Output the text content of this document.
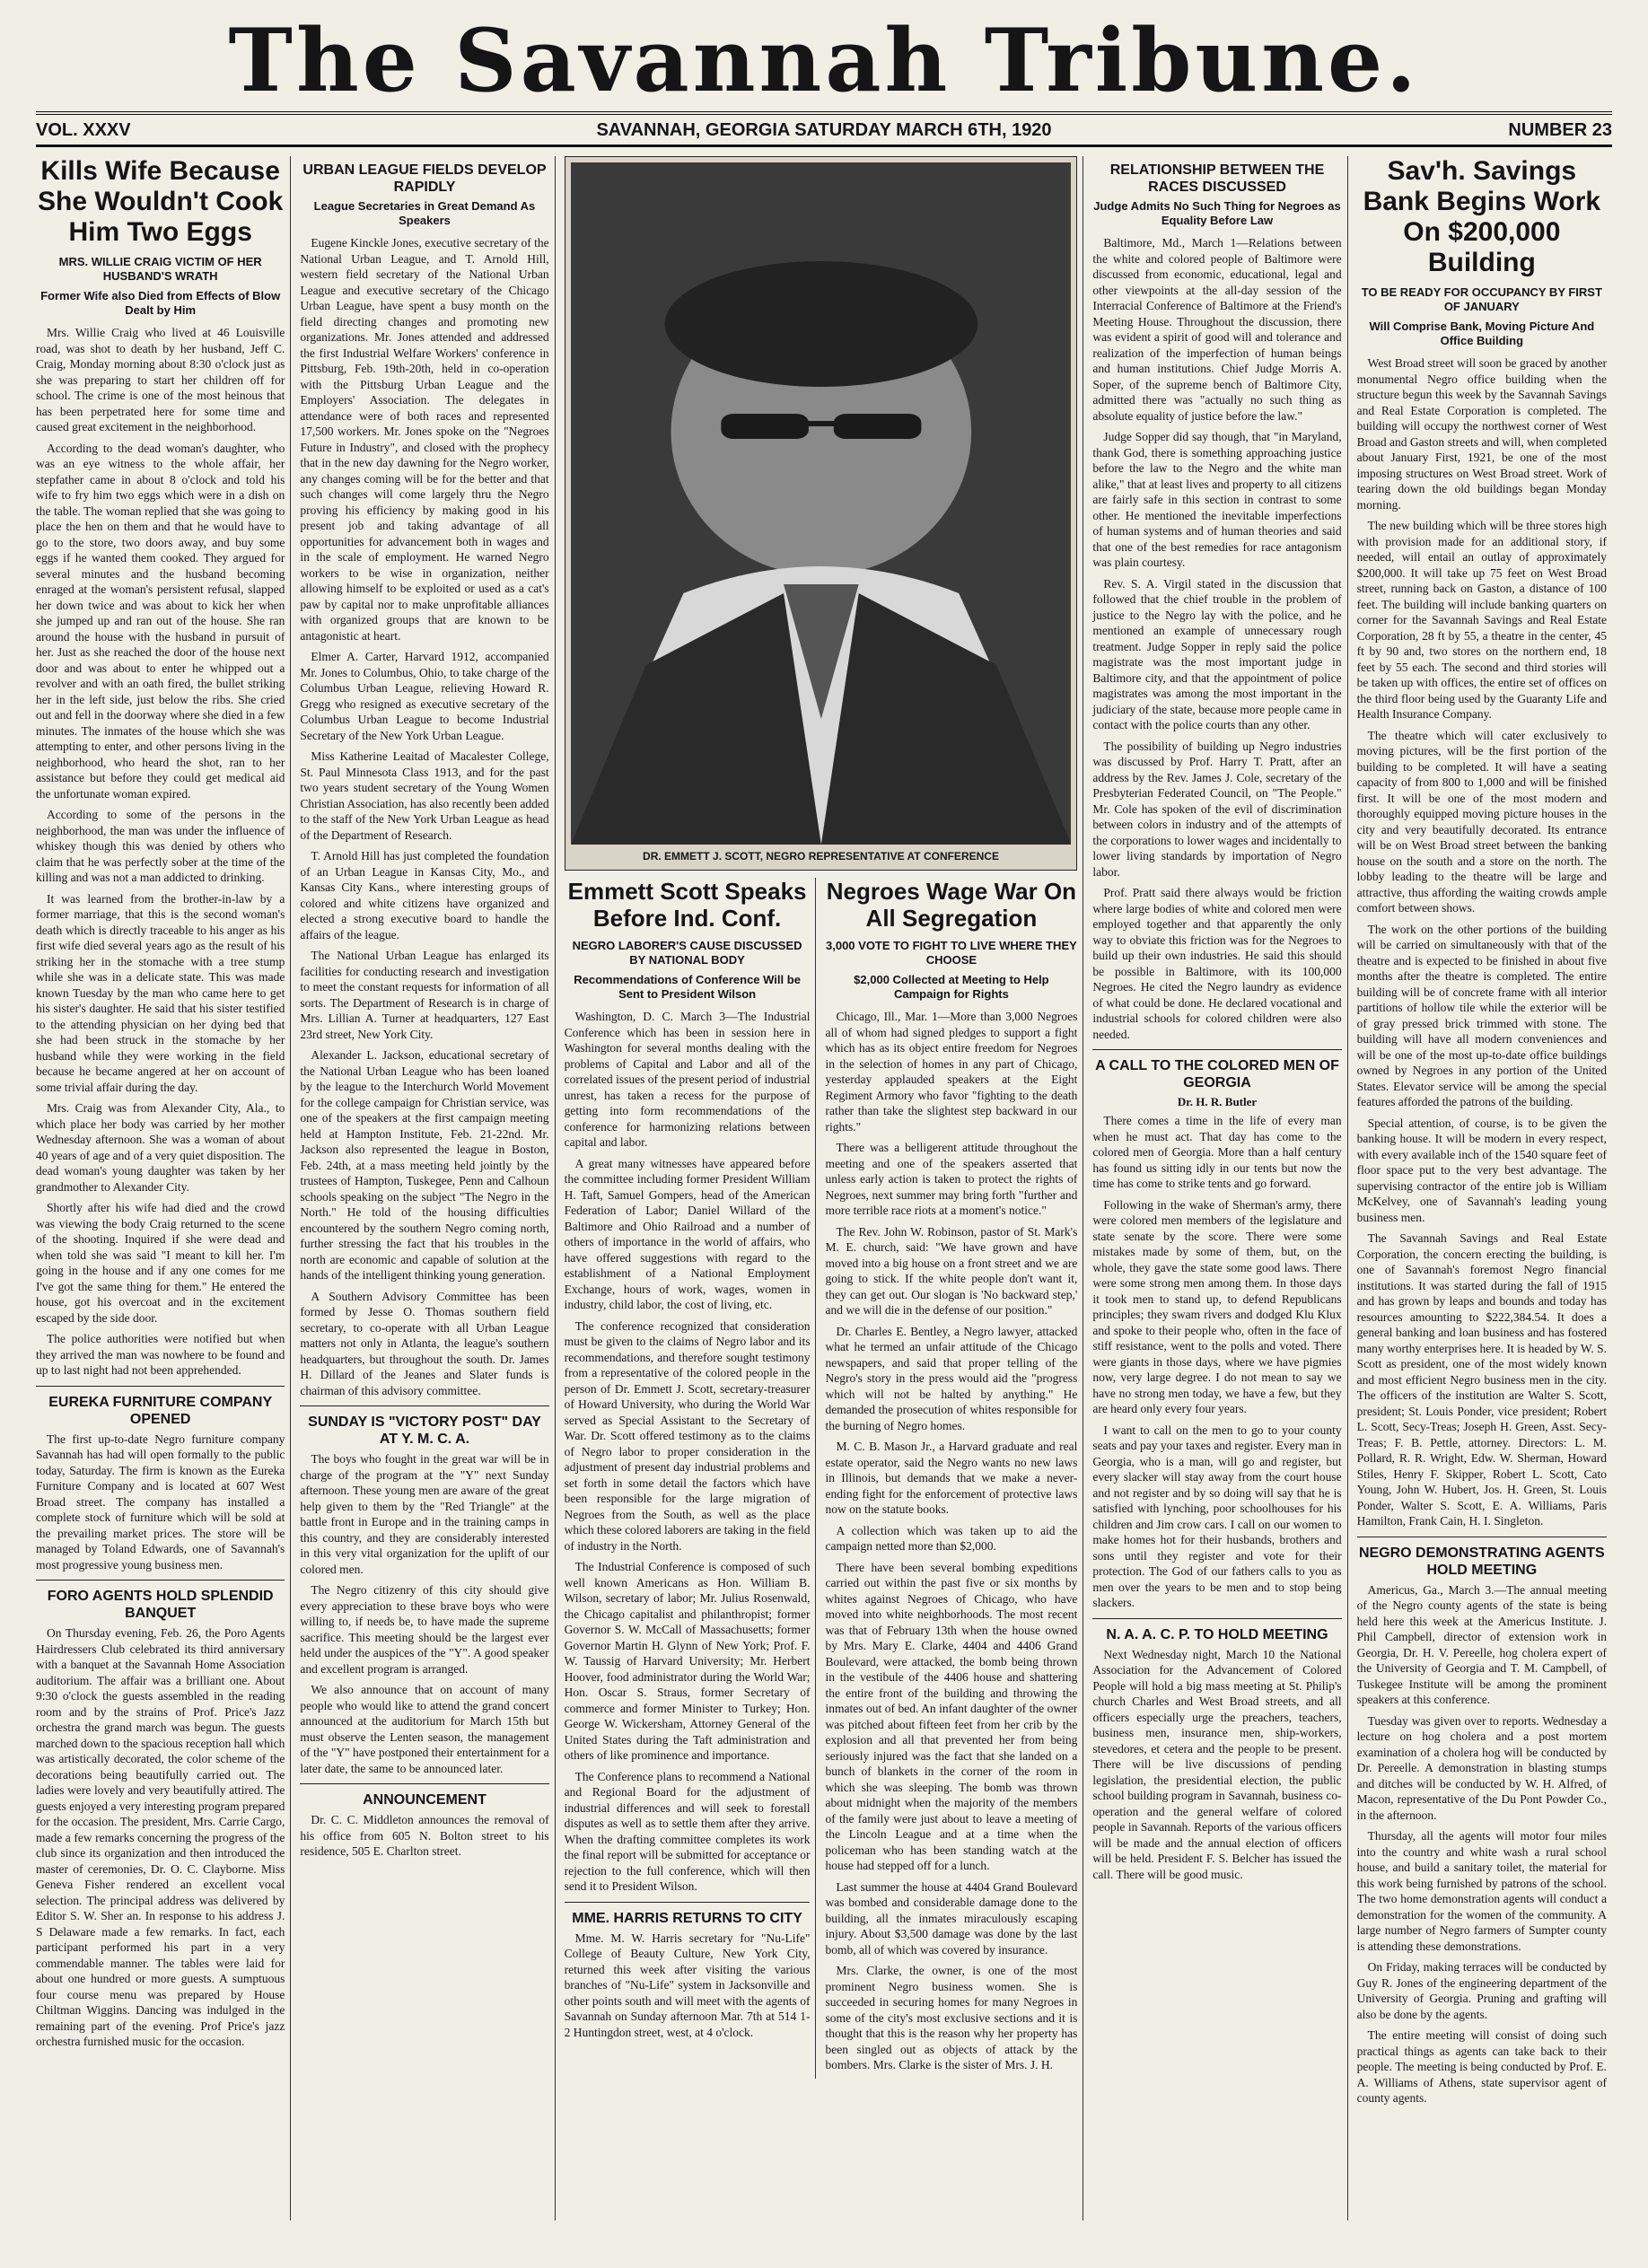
The Savannah Tribune.
VOL. XXXV	SAVANNAH, GEORGIA SATURDAY MARCH 6TH, 1920	NUMBER 23
Kills Wife Because She Wouldn't Cook Him Two Eggs
MRS. WILLIE CRAIG VICTIM OF HER HUSBAND'S WRATH
Former Wife also Died from Effects of Blow Dealt by Him

Mrs. Willie Craig who lived at 46 Louisville road, was shot to death by her husband, Jeff C. Craig, Monday morning about 8:30 o'clock just as she was preparing to start her children off for school. The crime is one of the most heinous that has been perpetrated here for some time and caused great excitement in the neighborhood.

According to the dead woman's daughter, who was an eye witness to the whole affair, her stepfather came in about 8 o'clock and told his wife to fry him two eggs which were in a dish on the table. The woman replied that she was going to place the hen on them and that he would have to go to the store, two doors away, and buy some eggs if he wanted them cooked. They argued for several minutes and the husband becoming enraged at the woman's persistent refusal, slapped her down twice and was about to kick her when she jumped up and ran out of the house. She ran around the house with the husband in pursuit of her. Just as she reached the door of the house next door and was about to enter he whipped out a revolver and with an oath fired, the bullet striking her in the left side, just below the ribs. She cried out and fell in the doorway where she died in a few minutes. The inmates of the house which she was attempting to enter, and other persons living in the neighborhood, who heard the shot, ran to her assistance but before they could get medical aid the unfortunate woman expired.

According to some of the persons in the neighborhood, the man was under the influence of whiskey though this was denied by others who claim that he was perfectly sober at the time of the killing and was not a man addicted to drinking.

It was learned from the brother-in-law by a former marriage, that this is the second woman's death which is directly traceable to his anger as his first wife died several years ago as the result of his striking her in the stomache with a tree stump while she was in a delicate state. This was made known Tuesday by the man who came here to get his sister's daughter. He said that his sister testified to the attending physician on her dying bed that she had been struck in the stomache by her husband while they were working in the field because he became angered at her on account of some trivial affair during the day.

Mrs. Craig was from Alexander City, Ala., to which place her body was carried by her mother Wednesday afternoon. She was a woman of about 40 years of age and of a very quiet disposition. The dead woman's young daughter was taken by her grandmother to Alexander City.

Shortly after his wife had died and the crowd was viewing the body Craig returned to the scene of the shooting. Inquired if she were dead and when told she was said "I meant to kill her. I'm going in the house and if any one comes for me I've got the same thing for them." He entered the house, got his overcoat and in the excitement escaped by the side door.

The police authorities were notified but when they arrived the man was nowhere to be found and up to last night had not been apprehended.

EUREKA FURNITURE COMPANY OPENED

The first up-to-date Negro furniture company Savannah has had will open formally to the public today, Saturday. The firm is known as the Eureka Furniture Company and is located at 607 West Broad street. The company has installed a complete stock of furniture which will be sold at the prevailing market prices. The store will be managed by Toland Edwards, one of Savannah's most progressive young business men.

FORO AGENTS HOLD SPLENDID BANQUET

On Thursday evening, Feb. 26, the Poro Agents Hairdressers Club celebrated its third anniversary with a banquet at the Savannah Home Association auditorium. The affair was a brilliant one. About 9:30 o'clock the guests assembled in the reading room and by the strains of Prof. Price's Jazz orchestra the grand march was begun. The guests marched down to the spacious reception hall which was artistically decorated, the color scheme of the decorations being beautifully carried out. The ladies were lovely and very beautifully attired. The guests enjoyed a very interesting program prepared for the occasion. The president, Mrs. Carrie Cargo, made a few remarks concerning the progress of the club since its organization and then introduced the master of ceremonies, Dr. O. C. Clayborne. Miss Geneva Fisher rendered an excellent vocal selection. The principal address was delivered by Editor S. W. Sher an. In response to his address J. S Delaware made a few remarks. In fact, each participant performed his part in a very commendable manner. The tables were laid for about one hundred or more guests. A sumptuous four course menu was prepared by House Chiltman Wiggins. Dancing was indulged in the remaining part of the evening. Prof Price's jazz orchestra furnished music for the occasion.

URBAN LEAGUE FIELDS DEVELOP RAPIDLY
League Secretaries in Great Demand As Speakers

Eugene Kinckle Jones, executive secretary of the National Urban League, and T. Arnold Hill, western field secretary of the National Urban League and executive secretary of the Chicago Urban League, have spent a busy month on the field directing changes and promoting new organizations. Mr. Jones attended and addressed the first Industrial Welfare Workers' conference in Pittsburg, Feb. 19th-20th, held in co-operation with the Pittsburg Urban League and the Employers' Association. The delegates in attendance were of both races and represented 17,500 workers. Mr. Jones spoke on the "Negroes Future in Industry", and closed with the prophecy that in the new day dawning for the Negro worker, any changes coming will be for the better and that such changes will come largely thru the Negro proving his efficiency by making good in his present job and taking advantage of all opportunities for advancement both in wages and in the scale of employment. He warned Negro workers to be wise in organization, neither allowing himself to be exploited or used as a cat's paw by capital nor to make unprofitable alliances with organized groups that are known to be antagonistic at heart.

Elmer A. Carter, Harvard 1912, accompanied Mr. Jones to Columbus, Ohio, to take charge of the Columbus Urban League, relieving Howard R. Gregg who resigned as executive secretary of the Columbus Urban League to become Industrial Secretary of the New York Urban League.

Miss Katherine Leaitad of Macalester College, St. Paul Minnesota Class 1913, and for the past two years student secretary of the Young Women Christian Association, has also recently been added to the staff of the New York Urban League as head of the Department of Research.

T. Arnold Hill has just completed the foundation of an Urban League in Kansas City, Mo., and Kansas City Kans., where interesting groups of colored and white citizens have organized and elected a strong executive board to handle the affairs of the league.

The National Urban League has enlarged its facilities for conducting research and investigation to meet the constant requests for information of all sorts. The Department of Research is in charge of Mrs. Lillian A. Turner at headquarters, 127 East 23rd street, New York City.

Alexander L. Jackson, educational secretary of the National Urban League who has been loaned by the league to the Interchurch World Movement for the college campaign for Christian service, was one of the speakers at the first campaign meeting held at Hampton Institute, Feb. 21-22nd. Mr. Jackson also represented the league in Boston, Feb. 24th, at a mass meeting held jointly by the trustees of Hampton, Tuskegee, Penn and Calhoun schools speaking on the subject "The Negro in the North." He told of the housing difficulties encountered by the southern Negro coming north, further stressing the fact that his troubles in the north are economic and capable of solution at the hands of the intelligent thinking young generation.

A Southern Advisory Committee has been formed by Jesse O. Thomas southern field secretary, to co-operate with all Urban League matters not only in Atlanta, the league's southern headquarters, but throughout the south. Dr. James H. Dillard of the Jeanes and Slater funds is chairman of this advisory committee.

SUNDAY IS "VICTORY POST" DAY AT Y. M. C. A.

The boys who fought in the great war will be in charge of the program at the "Y" next Sunday afternoon. These young men are aware of the great help given to them by the "Red Triangle" at the battle front in Europe and in the training camps in this country, and they are considerably interested in this very vital organization for the uplift of our colored men.

The Negro citizenry of this city should give every appreciation to these brave boys who were willing to, if needs be, to have made the supreme sacrifice. This meeting should be the largest ever held under the auspices of the "Y". A good speaker and excellent program is arranged.

We also announce that on account of many people who would like to attend the grand concert announced at the auditorium for March 15th but must observe the Lenten season, the management of the "Y" have postponed their entertainment for a later date, the same to be announced later.

ANNOUNCEMENT

Dr. C. C. Middleton announces the removal of his office from 605 N. Bolton street to his residence, 505 E. Charlton street.

DR. EMMETT J. SCOTT, NEGRO REPRESENTATIVE AT CONFERENCE
Emmett Scott Speaks Before Ind. Conf.
NEGRO LABORER'S CAUSE DISCUSSED BY NATIONAL BODY
Recommendations of Conference Will be Sent to President Wilson

Washington, D. C. March 3—The Industrial Conference which has been in session here in Washington for several months dealing with the problems of Capital and Labor and all of the correlated issues of the present period of industrial unrest, has taken a recess for the purpose of getting into form recommendations of the conference for harmonizing relations between capital and labor.

A great many witnesses have appeared before the committee including former President William H. Taft, Samuel Gompers, head of the American Federation of Labor; Daniel Willard of the Baltimore and Ohio Railroad and a number of others of importance in the world of affairs, who have offered suggestions with regard to the establishment of a National Employment Exchange, hours of work, wages, women in industry, child labor, the cost of living, etc.

The conference recognized that consideration must be given to the claims of Negro labor and its recommendations, and therefore sought testimony from a representative of the colored people in the person of Dr. Emmett J. Scott, secretary-treasurer of Howard University, who during the World War served as Special Assistant to the Secretary of War. Dr. Scott offered testimony as to the claims of Negro labor to proper consideration in the adjustment of present day industrial problems and set forth in some detail the factors which have been responsible for the large migration of Negroes from the South, as well as the place which these colored laborers are taking in the field of industry in the North.

The Industrial Conference is composed of such well known Americans as Hon. William B. Wilson, secretary of labor; Mr. Julius Rosenwald, the Chicago capitalist and philanthropist; former Governor S. W. McCall of Massachusetts; former Governor Martin H. Glynn of New York; Prof. F. W. Taussig of Harvard University; Mr. Herbert Hoover, food administrator during the World War; Hon. Oscar S. Straus, former Secretary of commerce and former Minister to Turkey; Hon. George W. Wickersham, Attorney General of the United States during the Taft administration and others of like prominence and importance.

The Conference plans to recommend a National and Regional Board for the adjustment of industrial differences and will seek to forestall disputes as well as to settle them after they arrive. When the drafting committee completes its work the final report will be submitted for acceptance or rejection to the full conference, which will then send it to President Wilson.

MME. HARRIS RETURNS TO CITY

Mme. M. W. Harris secretary for "Nu-Life" College of Beauty Culture, New York City, returned this week after visiting the various branches of "Nu-Life" system in Jacksonville and other points south and will meet with the agents of Savannah on Sunday afternoon Mar. 7th at 514 1-2 Huntingdon street, west, at 4 o'clock.

Negroes Wage War On All Segregation
3,000 VOTE TO FIGHT TO LIVE WHERE THEY CHOOSE
$2,000 Collected at Meeting to Help Campaign for Rights

Chicago, Ill., Mar. 1—More than 3,000 Negroes all of whom had signed pledges to support a fight which has as its object entire freedom for Negroes in the selection of homes in any part of Chicago, yesterday applauded speakers at the Eight Regiment Armory who favor "fighting to the death rather than take the slightest step backward in our rights."

There was a belligerent attitude throughout the meeting and one of the speakers asserted that unless early action is taken to protect the rights of Negroes, next summer may bring forth "further and more terrible race riots at a moment's notice."

The Rev. John W. Robinson, pastor of St. Mark's M. E. church, said: "We have grown and have moved into a big house on a front street and we are going to stick. If the white people don't want it, they can get out. Our slogan is 'No backward step,' and we will die in the defense of our position."

Dr. Charles E. Bentley, a Negro lawyer, attacked what he termed an unfair attitude of the Chicago newspapers, and said that proper telling of the Negro's story in the press would aid the "progress which will not be halted by anything." He demanded the prosecution of whites responsible for the burning of Negro homes.

M. C. B. Mason Jr., a Harvard graduate and real estate operator, said the Negro wants no new laws in Illinois, but demands that we make a never-ending fight for the enforcement of protective laws now on the statute books.

A collection which was taken up to aid the campaign netted more than $2,000.

There have been several bombing expeditions carried out within the past five or six months by whites against Negroes of Chicago, who have moved into white neighborhoods. The most recent was that of February 13th when the house owned by Mrs. Mary E. Clarke, 4404 and 4406 Grand Boulevard, were attacked, the bomb being thrown in the vestibule of the 4406 house and shattering the entire front of the building and throwing the inmates out of bed. An infant daughter of the owner was pitched about fifteen feet from her crib by the explosion and all that prevented her from being seriously injured was the fact that she landed on a bunch of blankets in the corner of the room in which she was sleeping. The bomb was thrown about midnight when the majority of the members of the family were just about to leave a meeting of the Lincoln League and at a time when the policeman who has been standing watch at the house had stepped off for a lunch.

Last summer the house at 4404 Grand Boulevard was bombed and considerable damage done to the building, all the inmates miraculously escaping injury. About $3,500 damage was done by the last bomb, all of which was covered by insurance.

Mrs. Clarke, the owner, is one of the most prominent Negro business women. She is succeeded in securing homes for many Negroes in some of the city's most exclusive sections and it is thought that this is the reason why her property has been singled out as objects of attack by the bombers. Mrs. Clarke is the sister of Mrs. J. H.

RELATIONSHIP BETWEEN THE RACES DISCUSSED
Judge Admits No Such Thing for Negroes as Equality Before Law

Baltimore, Md., March 1—Relations between the white and colored people of Baltimore were discussed from economic, educational, legal and other viewpoints at the all-day session of the Interracial Conference of Baltimore at the Friend's Meeting House. Throughout the discussion, there was evident a spirit of good will and tolerance and realization of the imperfection of human beings and human institutions. Chief Judge Morris A. Soper, of the supreme bench of Baltimore City, admitted there was "actually no such thing as absolute equality of justice before the law."

Judge Sopper did say though, that "in Maryland, thank God, there is something approaching justice before the law to the Negro and the white man alike," that at least lives and property to all citizens are fairly safe in this section in contrast to some other. He mentioned the inevitable imperfections of human systems and of human theories and said that one of the best remedies for race antagonism was plain courtesy.

Rev. S. A. Virgil stated in the discussion that followed that the chief trouble in the problem of justice to the Negro lay with the police, and he mentioned an example of unnecessary rough treatment. Judge Sopper in reply said the police magistrate was the most important judge in Baltimore city, and that the appointment of police magistrates was among the most important in the judiciary of the state, because more people came in contact with the police courts than any other.

The possibility of building up Negro industries was discussed by Prof. Harry T. Pratt, after an address by the Rev. James J. Cole, secretary of the Presbyterian Federated Council, on "The People." Mr. Cole has spoken of the evil of discrimination between colors in industry and of the attempts of the corporations to lower wages and incidentally to lower living standards by importation of Negro labor.

Prof. Pratt said there always would be friction where large bodies of white and colored men were employed together and that apparently the only way to obviate this friction was for the Negroes to build up their own industries. He said this should be possible in Baltimore, with its 100,000 Negroes. He cited the Negro laundry as evidence of what could be done. He declared vocational and industrial schools for colored children were also needed.

A CALL TO THE COLORED MEN OF GEORGIA
Dr. H. R. Butler

There comes a time in the life of every man when he must act. That day has come to the colored men of Georgia. More than a half century has found us sitting idly in our tents but now the time has come to strike tents and go forward.

Following in the wake of Sherman's army, there were colored men members of the legislature and state senate by the score. There were some mistakes made by some of them, but, on the whole, they gave the state some good laws. There were some strong men among them. In those days it took men to stand up, to defend Republicans principles; they swam rivers and dodged Klu Klux and spoke to their people who, often in the face of stiff resistance, went to the polls and voted. There were giants in those days, where we have pigmies now, very large degree. I do not mean to say we have no strong men today, we have a few, but they are heard only every four years.

I want to call on the men to go to your county seats and pay your taxes and register. Every man in Georgia, who is a man, will go and register, but every slacker will stay away from the court house and not register and by so doing will say that he is satisfied with lynching, poor schoolhouses for his children and Jim crow cars. I call on our women to make homes hot for their husbands, brothers and sons until they register and vote for their protection. The God of our fathers calls to you as men over the years to be men and to stop being slackers.

N. A. A. C. P. TO HOLD MEETING

Next Wednesday night, March 10 the National Association for the Advancement of Colored People will hold a big mass meeting at St. Philip's church Charles and West Broad streets, and all officers especially urge the preachers, teachers, business men, insurance men, ship-workers, stevedores, et cetera and the people to be present. There will be live discussions of pending legislation, the presidential election, the public school building program in Savannah, business co-operation and the general welfare of colored people in Savannah. Reports of the various officers will be made and the annual election of officers will be held. President F. S. Belcher has issued the call. There will be good music.

Sav'h. Savings Bank Begins Work On $200,000 Building
TO BE READY FOR OCCUPANCY BY FIRST OF JANUARY
Will Comprise Bank, Moving Picture And Office Building

West Broad street will soon be graced by another monumental Negro office building when the structure begun this week by the Savannah Savings and Real Estate Corporation is completed. The building will occupy the northwest corner of West Broad and Gaston streets and will, when completed about January First, 1921, be one of the most imposing structures on West Broad street. Work of tearing down the old buildings began Monday morning.

The new building which will be three stores high with provision made for an additional story, if needed, will entail an outlay of approximately $200,000. It will take up 75 feet on West Broad street, running back on Gaston, a distance of 100 feet. The building will include banking quarters on corner for the Savannah Savings and Real Estate Corporation, 28 ft by 55, a theatre in the center, 45 ft by 90 and, two stores on the northern end, 18 feet by 55 each. The second and third stories will be taken up with offices, the entire set of offices on the third floor being used by the Guaranty Life and Health Insurance Company.

The theatre which will cater exclusively to moving pictures, will be the first portion of the building to be completed. It will have a seating capacity of from 800 to 1,000 and will be finished first. It will be one of the most modern and thoroughly equipped moving picture houses in the city and very beautifully decorated. Its entrance will be on West Broad street between the banking house on the south and a store on the north. The lobby leading to the theatre will be large and attractive, thus affording the waiting crowds ample comfort between shows.

The work on the other portions of the building will be carried on simultaneously with that of the theatre and is expected to be finished in about five months after the theatre is completed. The entire building will be of concrete frame with all interior partitions of hollow tile while the exterior will be of gray pressed brick trimmed with stone. The building will have all modern conveniences and will be one of the most up-to-date office buildings owned by Negroes in any portion of the United States. Elevator service will be among the special features afforded the patrons of the building.

Special attention, of course, is to be given the banking house. It will be modern in every respect, with every available inch of the 1540 square feet of floor space put to the very best advantage. The supervising contractor of the entire job is William McKelvey, one of Savannah's leading young business men.

The Savannah Savings and Real Estate Corporation, the concern erecting the building, is one of Savannah's foremost Negro financial institutions. It was started during the fall of 1915 and has grown by leaps and bounds and today has resources amounting to $222,384.54. It does a general banking and loan business and has fostered many worthy enterprises here. It is headed by W. S. Scott as president, one of the most widely known and most efficient Negro business men in the city. The officers of the institution are Walter S. Scott, president; St. Louis Ponder, vice president; Robert L. Scott, Secy-Treas; Joseph H. Green, Asst. Secy-Treas; F. B. Pettle, attorney. Directors: L. M. Pollard, R. R. Wright, Edw. W. Sherman, Howard Stiles, Henry F. Skipper, Robert L. Scott, Cato Young, John W. Hubert, Jos. H. Green, St. Louis Ponder, Walter S. Scott, E. A. Williams, Paris Hamilton, Frank Cain, H. I. Singleton.

NEGRO DEMONSTRATING AGENTS HOLD MEETING

Americus, Ga., March 3.—The annual meeting of the Negro county agents of the state is being held here this week at the Americus Institute. J. Phil Campbell, director of extension work in Georgia, Dr. H. V. Pereelle, hog cholera expert of the University of Georgia and T. M. Campbell, of Tuskegee Institute will be among the prominent speakers at this conference.

Tuesday was given over to reports. Wednesday a lecture on hog cholera and a post mortem examination of a cholera hog will be conducted by Dr. Pereelle. A demonstration in blasting stumps and ditches will be conducted by W. H. Alfred, of Macon, representative of the Du Pont Powder Co., in the afternoon.

Thursday, all the agents will motor four miles into the country and white wash a rural school house, and build a sanitary toilet, the material for this work being furnished by patrons of the school. The two home demonstration agents will conduct a demonstration for the women of the community. A large number of Negro farmers of Sumpter county is attending these demonstrations.

On Friday, making terraces will be conducted by Guy R. Jones of the engineering department of the University of Georgia. Pruning and grafting will also be done by the agents.

The entire meeting will consist of doing such practical things as agents can take back to their people. The meeting is being conducted by Prof. E. A. Williams of Athens, state supervisor agent of county agents.
